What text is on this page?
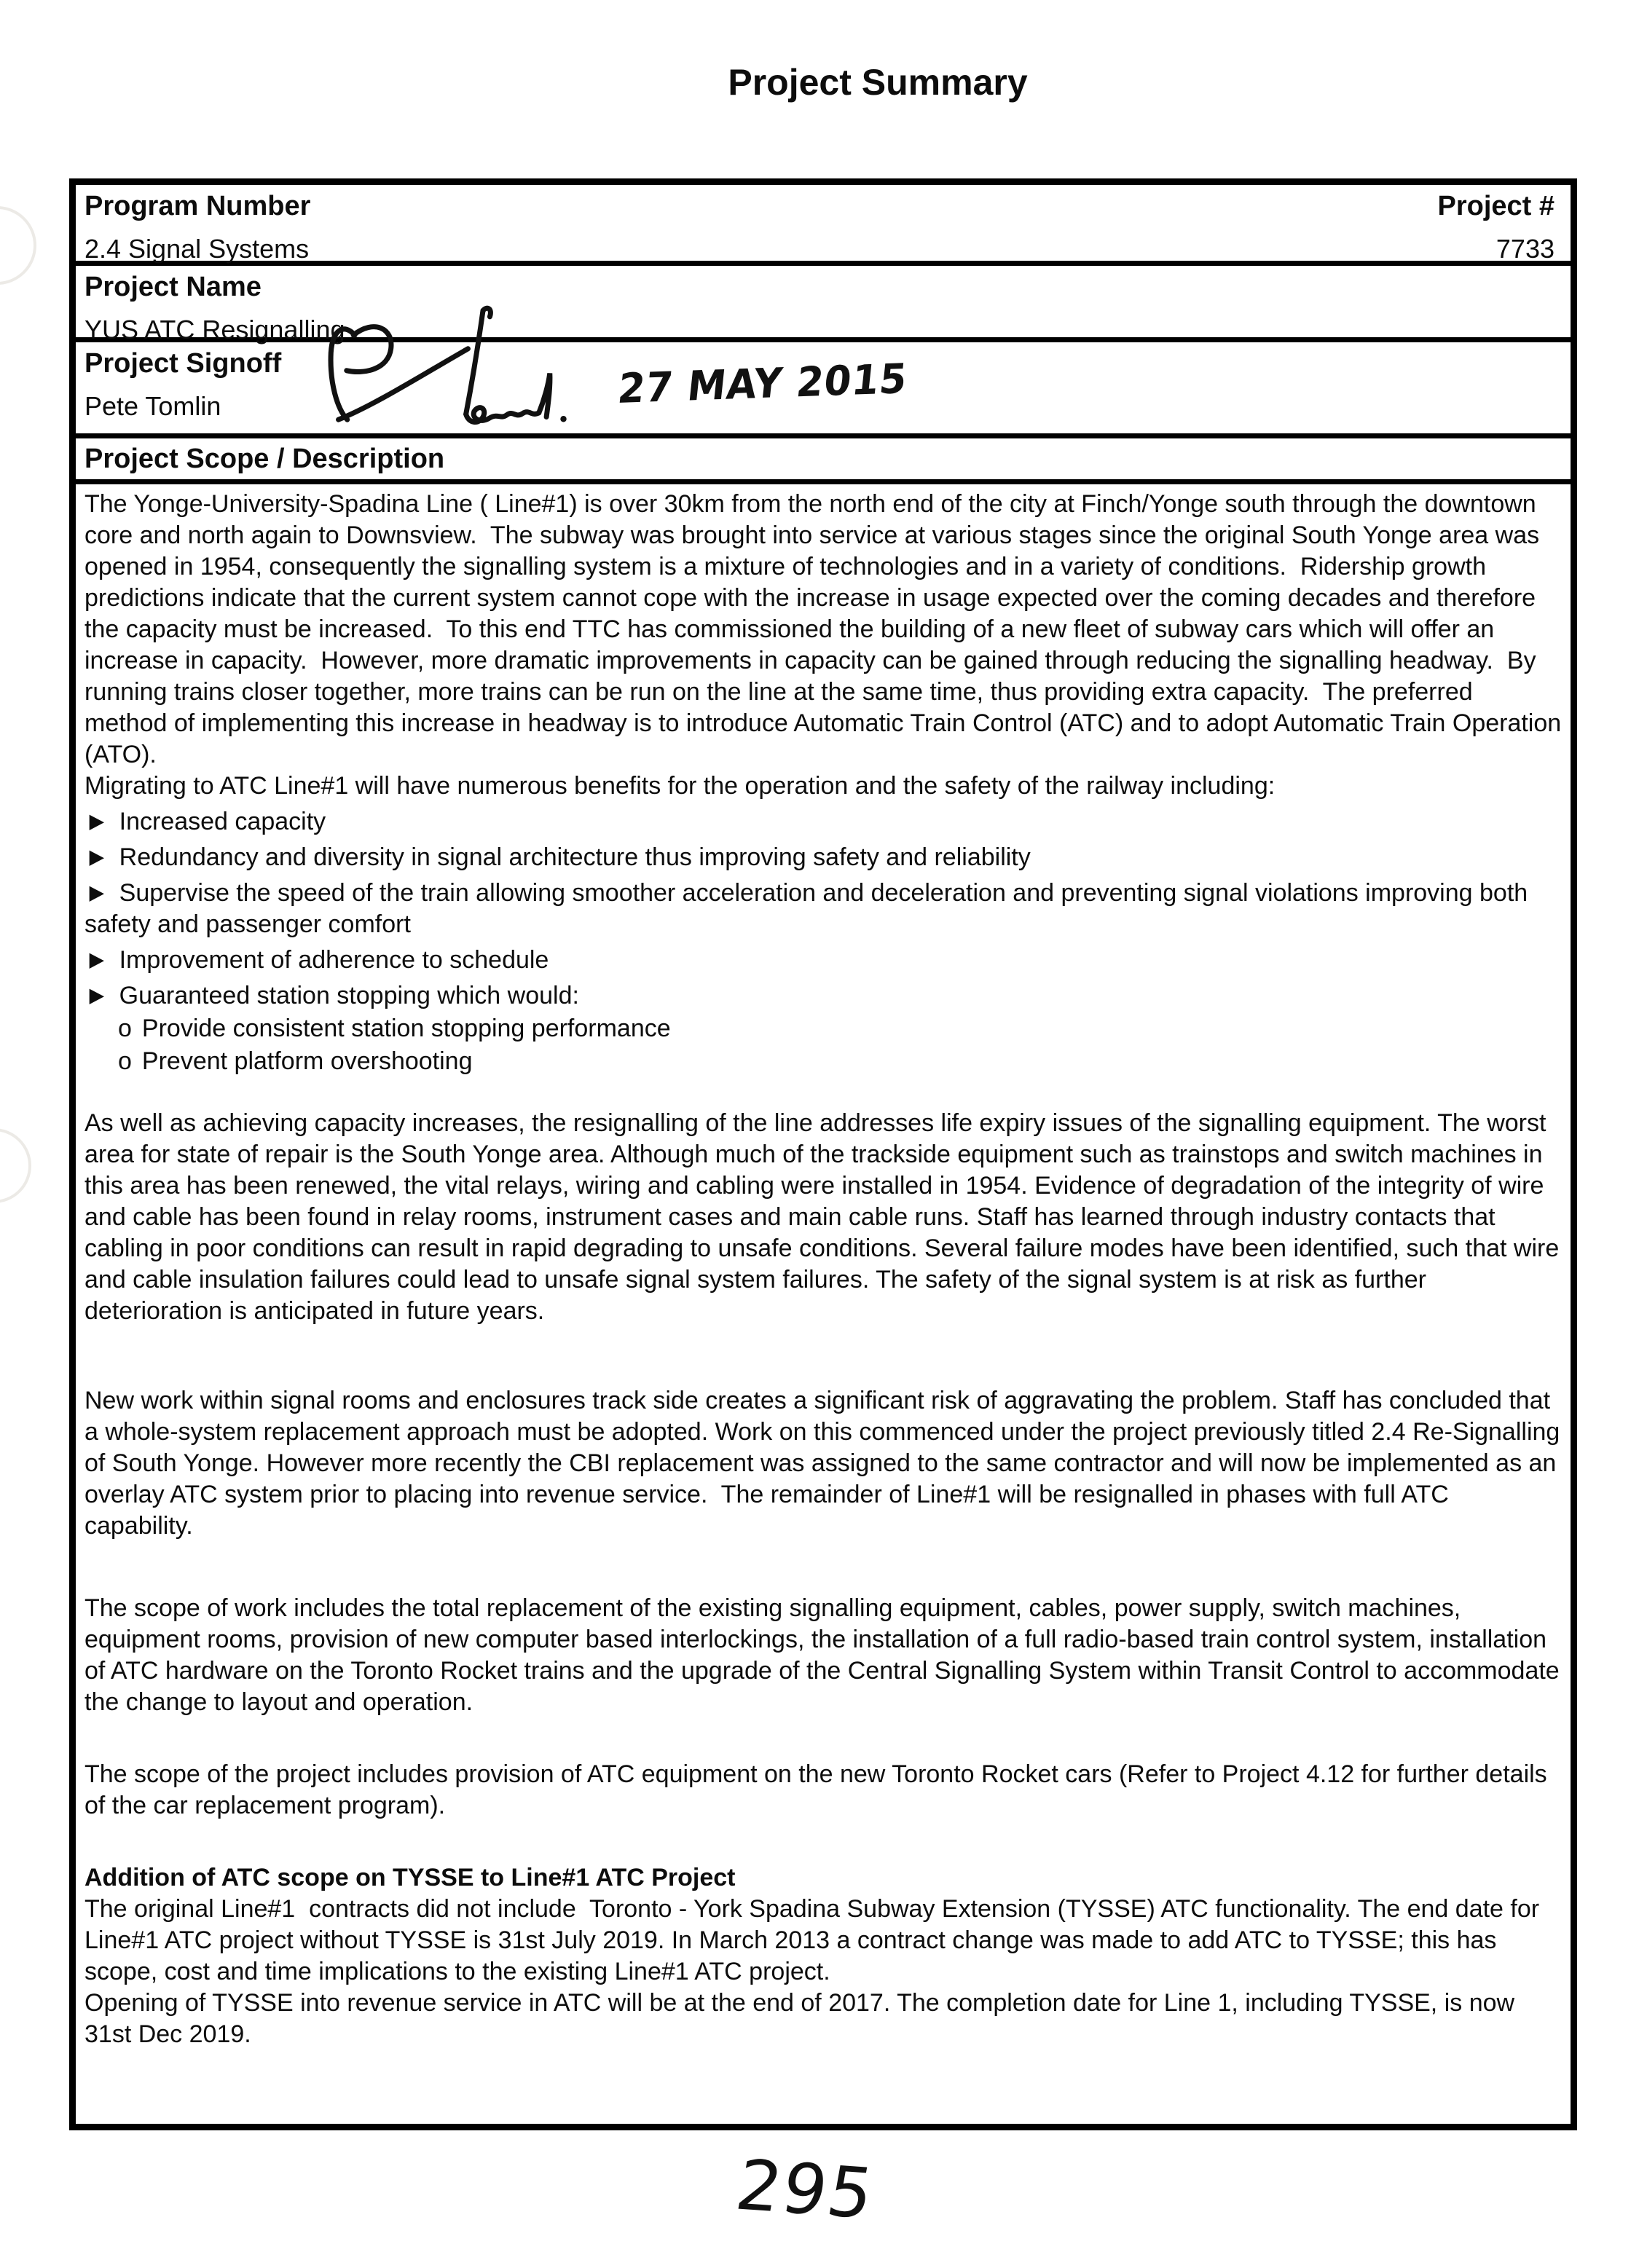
Project Summary
Program Number
2.4 Signal Systems
Project #
7733
Project Name
YUS ATC Resignalling
Project Signoff
Pete Tomlin	27 MAY 2015
Project Scope / Description

The Yonge-University-Spadina Line ( Line#1) is over 30km from the north end of the city at Finch/Yonge south through the downtown core and north again to Downsview.  The subway was brought into service at various stages since the original South Yonge area was opened in 1954, consequently the signalling system is a mixture of technologies and in a variety of conditions.  Ridership growth predictions indicate that the current system cannot cope with the increase in usage expected over the coming decades and therefore the capacity must be increased.  To this end TTC has commissioned the building of a new fleet of subway cars which will offer an increase in capacity.  However, more dramatic improvements in capacity can be gained through reducing the signalling headway.  By running trains closer together, more trains can be run on the line at the same time, thus providing extra capacity.  The preferred method of implementing this increase in headway is to introduce Automatic Train Control (ATC) and to adopt Automatic Train Operation (ATO).

Migrating to ATC Line#1 will have numerous benefits for the operation and the safety of the railway including:

► Increased capacity

► Redundancy and diversity in signal architecture thus improving safety and reliability

► Supervise the speed of the train allowing smoother acceleration and deceleration and preventing signal violations improving both safety and passenger comfort

► Improvement of adherence to schedule

► Guaranteed station stopping which would:

o Provide consistent station stopping performance

o Prevent platform overshooting

As well as achieving capacity increases, the resignalling of the line addresses life expiry issues of the signalling equipment. The worst area for state of repair is the South Yonge area. Although much of the trackside equipment such as trainstops and switch machines in this area has been renewed, the vital relays, wiring and cabling were installed in 1954. Evidence of degradation of the integrity of wire and cable has been found in relay rooms, instrument cases and main cable runs. Staff has learned through industry contacts that cabling in poor conditions can result in rapid degrading to unsafe conditions. Several failure modes have been identified, such that wire and cable insulation failures could lead to unsafe signal system failures. The safety of the signal system is at risk as further deterioration is anticipated in future years.

New work within signal rooms and enclosures track side creates a significant risk of aggravating the problem. Staff has concluded that a whole-system replacement approach must be adopted. Work on this commenced under the project previously titled 2.4 Re-Signalling of South Yonge. However more recently the CBI replacement was assigned to the same contractor and will now be implemented as an overlay ATC system prior to placing into revenue service.  The remainder of Line#1 will be resignalled in phases with full ATC capability.

The scope of work includes the total replacement of the existing signalling equipment, cables, power supply, switch machines, equipment rooms, provision of new computer based interlockings, the installation of a full radio-based train control system, installation of ATC hardware on the Toronto Rocket trains and the upgrade of the Central Signalling System within Transit Control to accommodate the change to layout and operation.

The scope of the project includes provision of ATC equipment on the new Toronto Rocket cars (Refer to Project 4.12 for further details of the car replacement program).

Addition of ATC scope on TYSSE to Line#1 ATC Project

The original Line#1  contracts did not include  Toronto - York Spadina Subway Extension (TYSSE) ATC functionality. The end date for Line#1 ATC project without TYSSE is 31st July 2019. In March 2013 a contract change was made to add ATC to TYSSE; this has scope, cost and time implications to the existing Line#1 ATC project.

Opening of TYSSE into revenue service in ATC will be at the end of 2017. The completion date for Line 1, including TYSSE, is now 31st Dec 2019.

295
